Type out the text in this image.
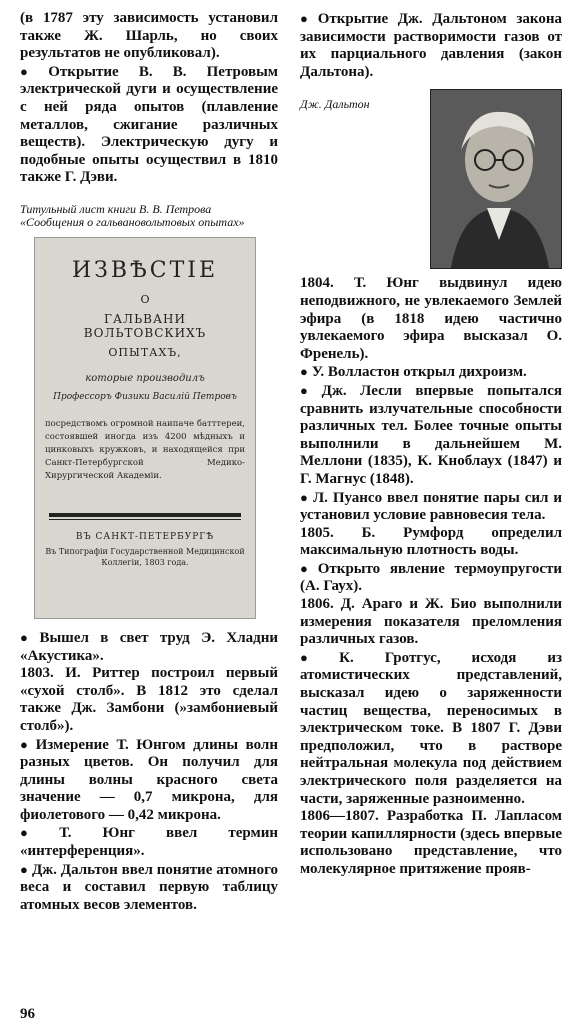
(в 1787 эту зависимость установил также Ж. Шарль, но своих результатов не опубликовал).

● Открытие В. В. Петровым электрической дуги и осуществление с ней ряда опытов (плавление металлов, сжигание различных веществ). Электрическую дугу и подобные опыты осуществил в 1810 также Г. Дэви.

Титульный лист книги В. В. Петрова «Сообщения о гальвановольтовых опытах»

ИЗВѢСТІЕ
О
ГАЛЬВАНИ ВОЛЬТОВСКИХЪ
ОПЫТАХЪ,
которые производилъ
Профессоръ Физики Василій Петровъ
посредствомъ огромной наипаче батттереи, состоявшей иногда изъ 4200 мѣдныхъ и цинковыхъ кружковъ, и находящейся при Санкт-Петербургской Медико-Хирургической Академіи.
ВЪ САНКТ-ПЕТЕРБУРГѢ
Въ Типографіи Государственной Медицинской Коллегіи, 1803 года.

● Вышел в свет труд Э. Хладни «Акустика».

1803. И. Риттер построил первый «сухой столб». В 1812 это сделал также Дж. Замбони (»замбониевый столб»).

● Измерение Т. Юнгом длины волн разных цветов. Он получил для длины волны красного света значение — 0,7 микрона, для фиолетового — 0,42 микрона.

● Т. Юнг ввел термин «интерференция».

● Дж. Дальтон ввел понятие атомного веса и составил первую таблицу атомных весов элементов.

● Открытие Дж. Дальтоном закона зависимости растворимости газов от их парциального давления (закон Дальтона).

Дж. Дальтон

1804. Т. Юнг выдвинул идею неподвижного, не увлекаемого Землей эфира (в 1818 идею частично увлекаемого эфира высказал О. Френель).

● У. Волластон открыл дихроизм.

● Дж. Лесли впервые попытался сравнить излучательные способности различных тел. Более точные опыты выполнили в дальнейшем М. Меллони (1835), К. Кноблаух (1847) и Г. Магнус (1848).

● Л. Пуансо ввел понятие пары сил и установил условие равновесия тела.

1805. Б. Румфорд определил максимальную плотность воды.

● Открыто явление термоупругости (А. Гаух).

1806. Д. Араго и Ж. Био выполнили измерения показателя преломления различных газов.

● К. Гротгус, исходя из атомистических представлений, высказал идею о заряженности частиц вещества, переносимых в электрическом токе. В 1807 Г. Дэви предположил, что в растворе нейтральная молекула под действием электрического поля разделяется на части, заряженные разноименно.

1806—1807. Разработка П. Лапласом теории капиллярности (здесь впервые использовано представление, что молекулярное притяжение прояв-

96
